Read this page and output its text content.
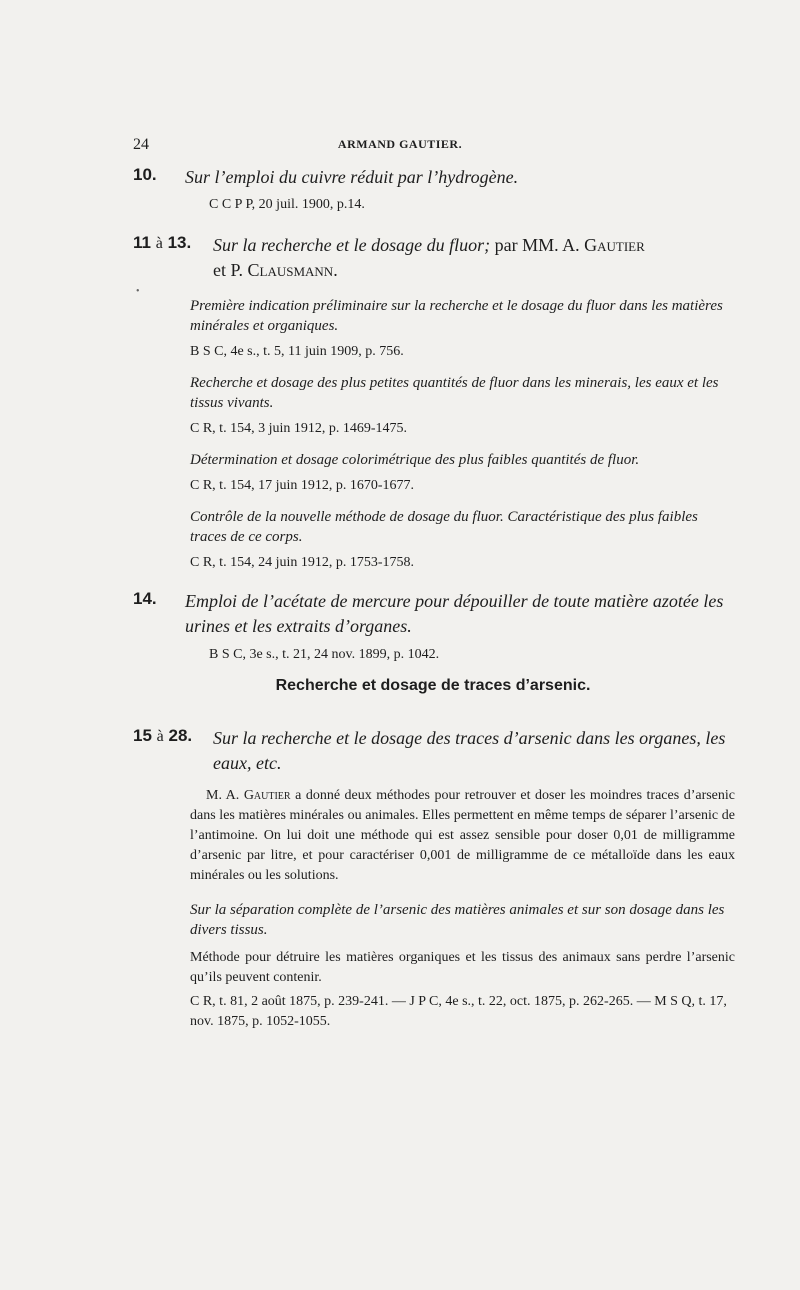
24	ARMAND GAUTIER.
10. Sur l’emploi du cuivre réduit par l’hydrogène.
C C P P, 20 juil. 1900, p.14.
11 à 13. Sur la recherche et le dosage du fluor; par MM. A. Gautier
et P. Clausmann.
•
Première indication préliminaire sur la recherche et le dosage du fluor dans les matières minérales et organiques.
B S C, 4e s., t. 5, 11 juin 1909, p. 756.
Recherche et dosage des plus petites quantités de fluor dans les minerais, les eaux et les tissus vivants.
C R, t. 154, 3 juin 1912, p. 1469-1475.
Détermination et dosage colorimétrique des plus faibles quantités de fluor.
C R, t. 154, 17 juin 1912, p. 1670-1677.
Contrôle de la nouvelle méthode de dosage du fluor. Caractéristique des plus faibles traces de ce corps.
C R, t. 154, 24 juin 1912, p. 1753-1758.
14. Emploi de l’acétate de mercure pour dépouiller de toute matière azotée les urines et les extraits d’organes.
B S C, 3e s., t. 21, 24 nov. 1899, p. 1042.
Recherche et dosage de traces d’arsenic.
15 à 28. Sur la recherche et le dosage des traces d’arsenic dans les organes, les eaux, etc.
M. A. Gautier a donné deux méthodes pour retrouver et doser les moindres traces d’arsenic dans les matières minérales ou animales. Elles permettent en même temps de séparer l’arsenic de l’antimoine. On lui doit une méthode qui est assez sensible pour doser 0,01 de milligramme d’arsenic par litre, et pour caractériser 0,001 de milligramme de ce métalloïde dans les eaux minérales ou les solutions.
Sur la séparation complète de l’arsenic des matières animales et sur son dosage dans les divers tissus.
Méthode pour détruire les matières organiques et les tissus des animaux sans perdre l’arsenic qu’ils peuvent contenir.
C R, t. 81, 2 août 1875, p. 239-241. — J P C, 4e s., t. 22, oct. 1875, p. 262-265. — M S Q, t. 17, nov. 1875, p. 1052-1055.
